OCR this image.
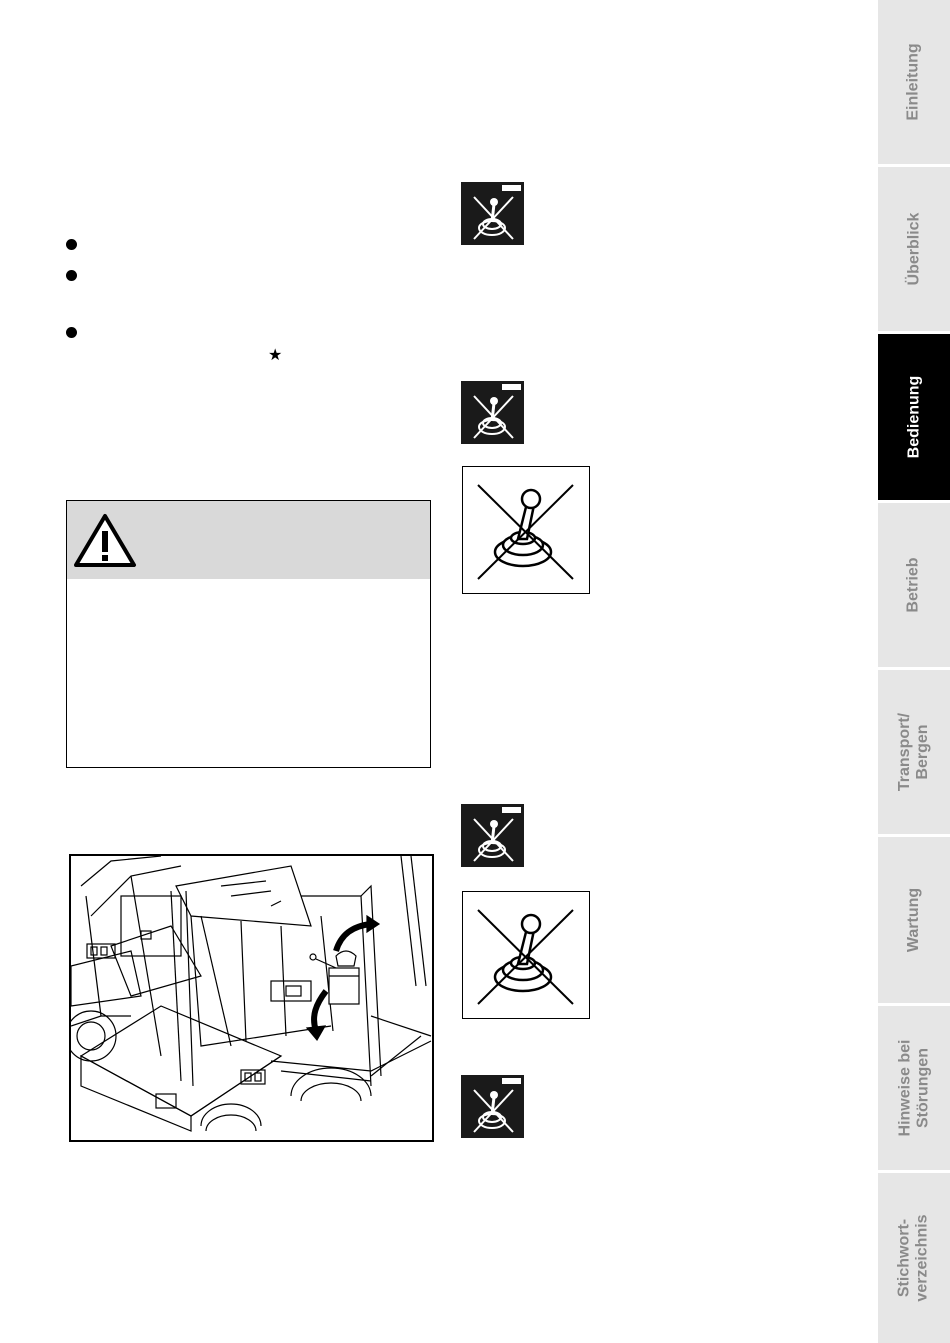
★
Einleitung
Überblick
Bedienung
Betrieb
Transport/
Bergen
Wartung
Hinweise bei
Störungen
Stichwort-
verzeichnis
